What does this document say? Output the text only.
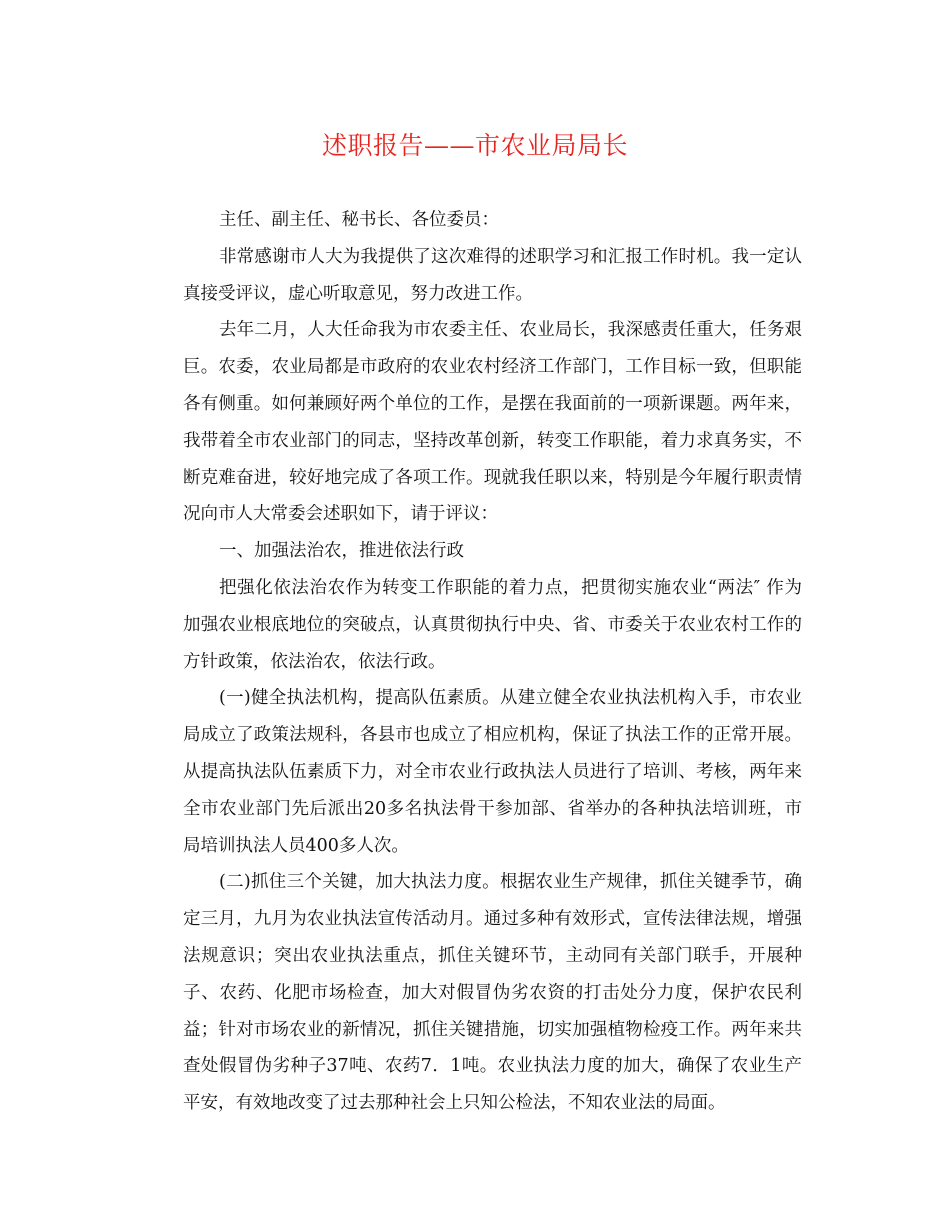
述职报告——市农业局局长
主任、副主任、秘书长、各位委员：
非常感谢市人大为我提供了这次难得的述职学习和汇报工作时机。我一定认
真接受评议，虚心听取意见，努力改进工作。
去年二月，人大任命我为市农委主任、农业局长，我深感责任重大，任务艰
巨。农委，农业局都是市政府的农业农村经济工作部门，工作目标一致，但职能
各有侧重。如何兼顾好两个单位的工作，是摆在我面前的一项新课题。两年来，
我带着全市农业部门的同志，坚持改革创新，转变工作职能，着力求真务实，不
断克难奋进，较好地完成了各项工作。现就我任职以来，特别是今年履行职责情
况向市人大常委会述职如下，请于评议：
一、加强法治农，推进依法行政
把强化依法治农作为转变工作职能的着力点，把贯彻实施农业“两法″ 作为
加强农业根底地位的突破点，认真贯彻执行中央、省、市委关于农业农村工作的
方针政策，依法治农，依法行政。
(一)健全执法机构，提高队伍素质。从建立健全农业执法机构入手，市农业
局成立了政策法规科，各县市也成立了相应机构，保证了执法工作的正常开展。
从提高执法队伍素质下力，对全市农业行政执法人员进行了培训、考核，两年来
全市农业部门先后派出20多名执法骨干参加部、省举办的各种执法培训班，市
局培训执法人员400多人次。
(二)抓住三个关键，加大执法力度。根据农业生产规律，抓住关键季节，确
定三月，九月为农业执法宣传活动月。通过多种有效形式，宣传法律法规，增强
法规意识；突出农业执法重点，抓住关键环节，主动同有关部门联手，开展种
子、农药、化肥市场检查，加大对假冒伪劣农资的打击处分力度，保护农民利
益；针对市场农业的新情况，抓住关键措施，切实加强植物检疫工作。两年来共
查处假冒伪劣种子37吨、农药7．1吨。农业执法力度的加大，确保了农业生产
平安，有效地改变了过去那种社会上只知公检法，不知农业法的局面。
